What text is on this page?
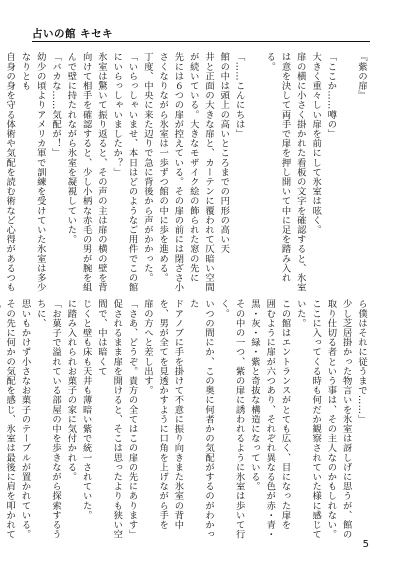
占いの館 キセキ

『紫の扉』

「ここか……噂の」

大きく重々しい扉を前にして氷室は呟く。

扉の横に小さく掛かれた看板の文字を確認すると、氷室

は意を決して両手で扉を押し開いて中に足を踏み入れる。

「……こんにちは」

館の中は頭上の高いところまでの円形の高い天

井と正面の大きな扉と、カーテンに覆われて仄暗い空間

が続いている。大きなモザイク絵の飾られた窓の先に

先には６つの扉が控えている。その扉の前には閉ざさ小

さくなりながら氷室は一歩ずつ館の中に歩を進める。

丁度、中央に来た辺りで急に背後から声がかかった。

「いらっしゃいませ、本日はどのようなご用件でこの館

にいらっしゃいましたか？」

氷室は驚いて振り返ると、その声の主は扉の横の壁を背

向けて相手を確認すると、少し小柄な赤毛の男が腕を組

んで壁に持たれながら氷室を凝視していた。

「バカな……気配が！」

幼少の頃よりアメリカ軍で訓練を受けていた氷室は多少なりとも

自身の身を守る体術や気配を読む術など心得があるつも

ら僕はそれに従うまで……」

少し芝居掛かった物言いを氷室は訝しげに思うが、館の

取り仕切る者という事は、その主人なのかもしれない。

ここに入ってくる時も何だか観察されていた様に感じていた。

この館はエントランスがとても広く、目になった扉を

囲むように扉が六つあり、それぞれ異なる色が赤・青・

黒・灰・緑・紫と奇抜な構造になっている。

その中の一つ、紫の扉に誘われるように氷室は歩いて行く。

いつの間にか、この奥に何者かの気配がするのがわかった

ドアノブに手を掛けて不意に振り向きまた氷室の背中

を、男が全てを見透かすように口角を上げながら手を

扉の方へと差し出す。

「さあ、どうぞ。貴方の全てはこの扉の先にあります」

促されるまま扉を開けると、そこは思ったよりも狭い空間で、中は暗くて

じくと壁も床も天井も薄暗い紫で統一されていた。

に踏み入れられお菓子の家に気付かれる。

「お菓子で溢れている部屋の中を歩きながら探索するうちに、

思いもかけず小さなお菓子のテーブルが置かれている。

その先に何かの気配を感じ、氷室は最後に肩を叩かれて

5
